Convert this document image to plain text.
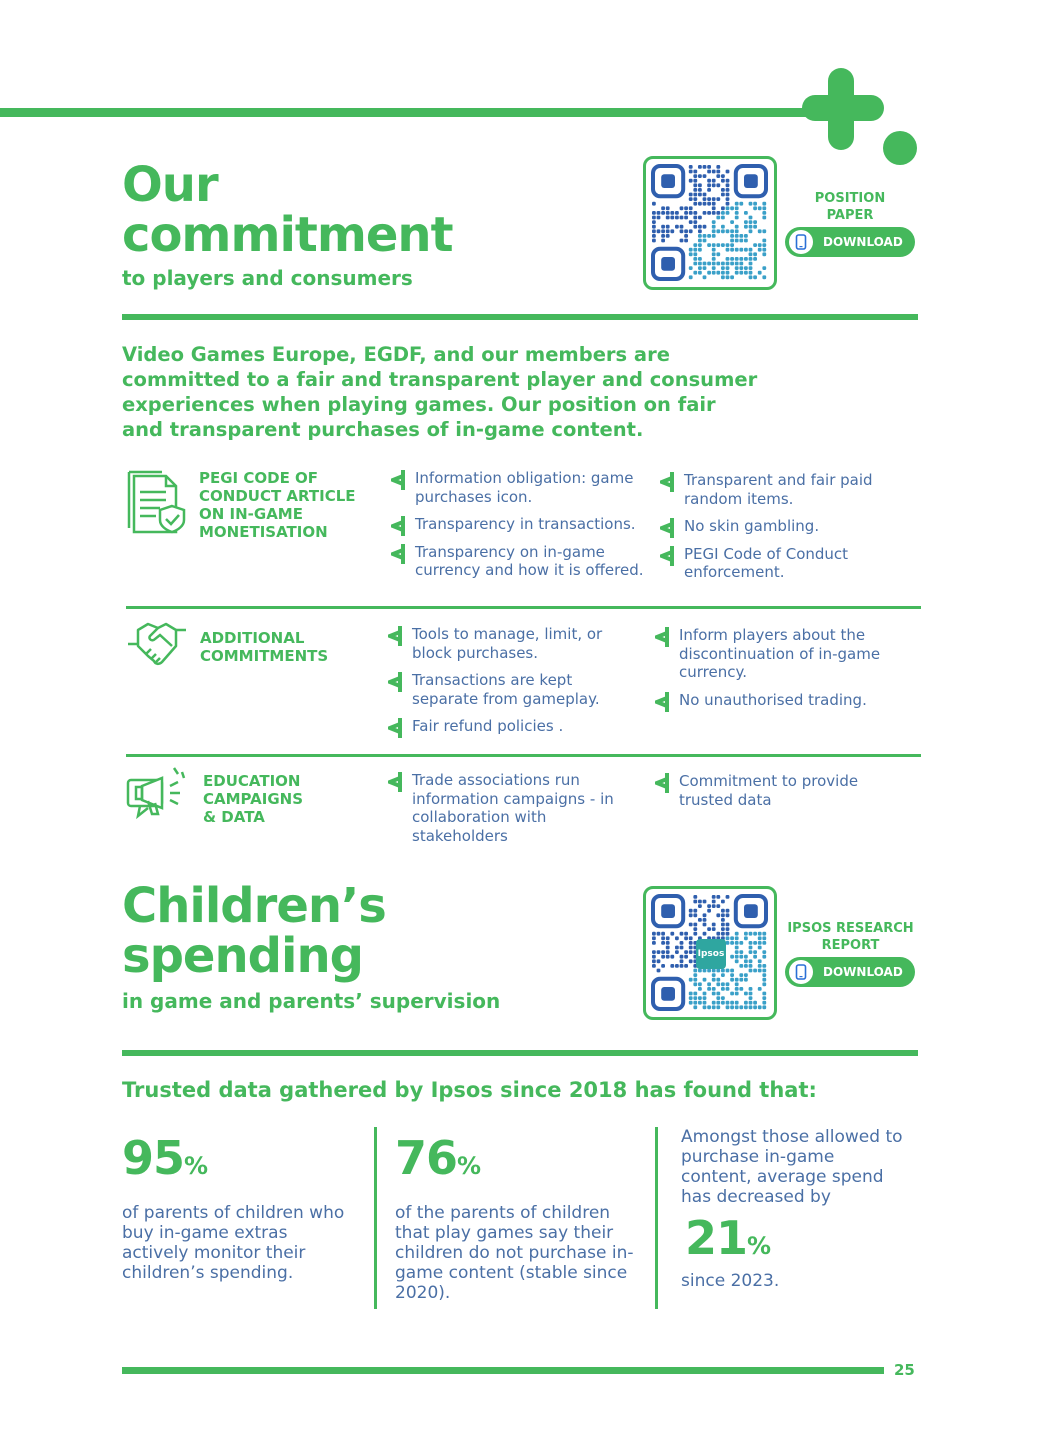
Our
commitment
to players and consumers
POSITION
PAPER
DOWNLOAD
Video Games Europe, EGDF, and our members are
committed to a fair and transparent player and consumer
experiences when playing games. Our position on fair
and transparent purchases of in-game content.
PEGI CODE OF
CONDUCT ARTICLE
ON IN-GAME
MONETISATION
Information obligation: game purchases icon.
Transparency in transactions.
Transparency on in-game currency and how it is offered.
Transparent and fair paid random items.
No skin gambling.
PEGI Code of Conduct enforcement.
ADDITIONAL
COMMITMENTS
Tools to manage, limit, or block purchases.
Transactions are kept separate from gameplay.
Fair refund policies .
Inform players about the discontinuation of in-game currency.
No unauthorised trading.
EDUCATION
CAMPAIGNS
& DATA
Trade associations run information campaigns - in collaboration with stakeholders
Commitment to provide trusted data
Children’s
spending
in game and parents’ supervision
Ipsos
IPSOS RESEARCH
REPORT
DOWNLOAD
Trusted data gathered by Ipsos since 2018 has found that:
95%
of parents of children who buy in-game extras actively monitor their children’s spending.
76%
of the parents of children that play games say their children do not purchase in-game content (stable since 2020).
Amongst those allowed to purchase in-game content, average spend has decreased by
21%
since 2023.
25
